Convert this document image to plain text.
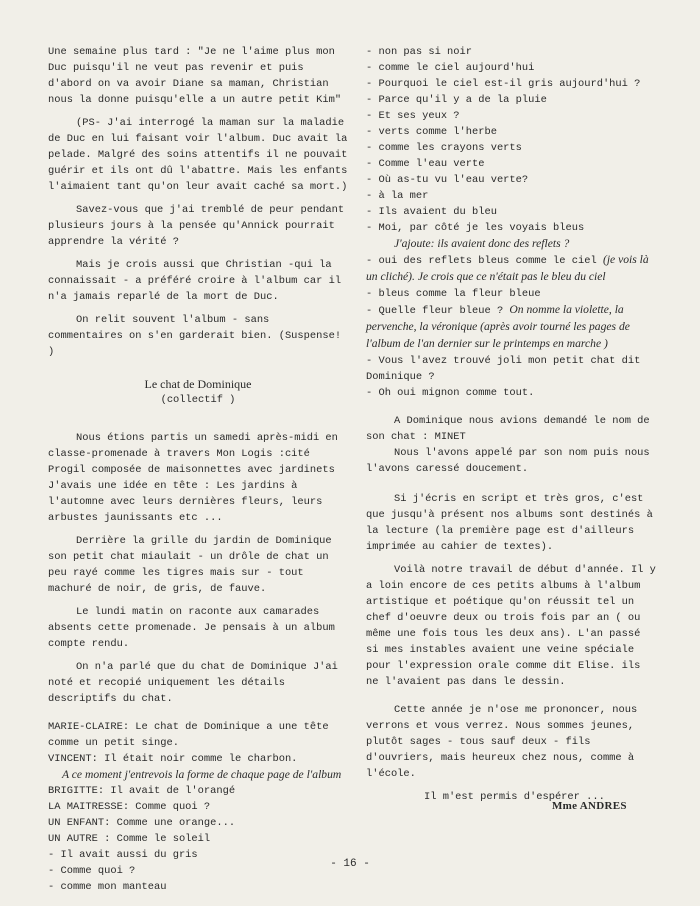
Une semaine plus tard : "Je ne l'aime plus mon Duc puisqu'il ne veut pas revenir et puis d'abord on va avoir Diane sa maman, Christian nous la donne puisqu'elle a un autre petit Kim"

(PS- J'ai interrogé la maman sur la maladie de Duc en lui faisant voir l'album. Duc avait la pelade. Malgré des soins attentifs il ne pouvait guérir et ils ont dû l'abattre. Mais les enfants l'aimaient tant qu'on leur avait caché sa mort.)

Savez-vous que j'ai tremblé de peur pendant plusieurs jours à la pensée qu'Annick pourrait apprendre la vérité ?

Mais je crois aussi que Christian -qui la connaissait - a préféré croire à l'album car il n'a jamais reparlé de la mort de Duc.

On relit souvent l'album - sans commentaires on s'en garderait bien. (Suspense! )

Le chat de Dominique

(collectif )

Nous étions partis un samedi après-midi en classe-promenade à travers Mon Logis :cité Progil composée de maisonnettes avec jardinets J'avais une idée en tête : Les jardins à l'automne avec leurs dernières fleurs, leurs arbustes jaunissants etc ...

Derrière la grille du jardin de Dominique son petit chat miaulait - un drôle de chat un peu rayé comme les tigres mais sur - tout machuré de noir, de gris, de fauve.

Le lundi matin on raconte aux camarades absents cette promenade. Je pensais à un album compte rendu.

On n'a parlé que du chat de Dominique J'ai noté et recopié uniquement les détails descriptifs du chat.

MARIE-CLAIRE: Le chat de Dominique a une tête comme un petit singe.

VINCENT: Il était noir comme le charbon.

A ce moment j'entrevois la forme de chaque page de l'album

BRIGITTE: Il avait de l'orangé

LA MAITRESSE: Comme quoi ?

UN ENFANT: Comme une orange...

UN AUTRE : Comme le soleil

- Il avait aussi du gris

- Comme quoi ?

- comme mon manteau

- non pas si noir

- comme le ciel aujourd'hui

- Pourquoi le ciel est-il gris aujourd'hui ?

- Parce qu'il y a de la pluie

- Et ses yeux ?

- verts comme l'herbe

- comme les crayons verts

- Comme l'eau verte

- Où as-tu vu l'eau verte?

- à la mer

- Ils avaient du bleu

- Moi, par côté je les voyais bleus

J'ajoute: ils avaient donc des reflets ?

- oui des reflets bleus comme le ciel (je vois là un cliché). Je crois que ce n'était pas le bleu du ciel

- bleus comme la fleur bleue

- Quelle fleur bleue ? On nomme la violette, la pervenche, la véronique (après avoir tourné les pages de l'album de l'an dernier sur le printemps en marche )

- Vous l'avez trouvé joli mon petit chat dit Dominique ?

- Oh oui mignon comme tout.

A Dominique nous avions demandé le nom de son chat : MINET

Nous l'avons appelé par son nom puis nous l'avons caressé doucement.

Si j'écris en script et très gros, c'est que jusqu'à présent nos albums sont destinés à la lecture (la première page est d'ailleurs imprimée au cahier de textes).

Voilà notre travail de début d'année. Il y a loin encore de ces petits albums à l'album artistique et poétique qu'on réussit tel un chef d'oeuvre deux ou trois fois par an ( ou même une fois tous les deux ans). L'an passé si mes instables avaient une veine spéciale pour l'expression orale comme dit Elise. ils ne l'avaient pas dans le dessin.

Cette année je n'ose me prononcer, nous verrons et vous verrez. Nous sommes jeunes, plutôt sages - tous sauf deux - fils d'ouvriers, mais heureux chez nous, comme à l'école.

Il m'est permis d'espérer ...

Mme ANDRES
- 16 -
